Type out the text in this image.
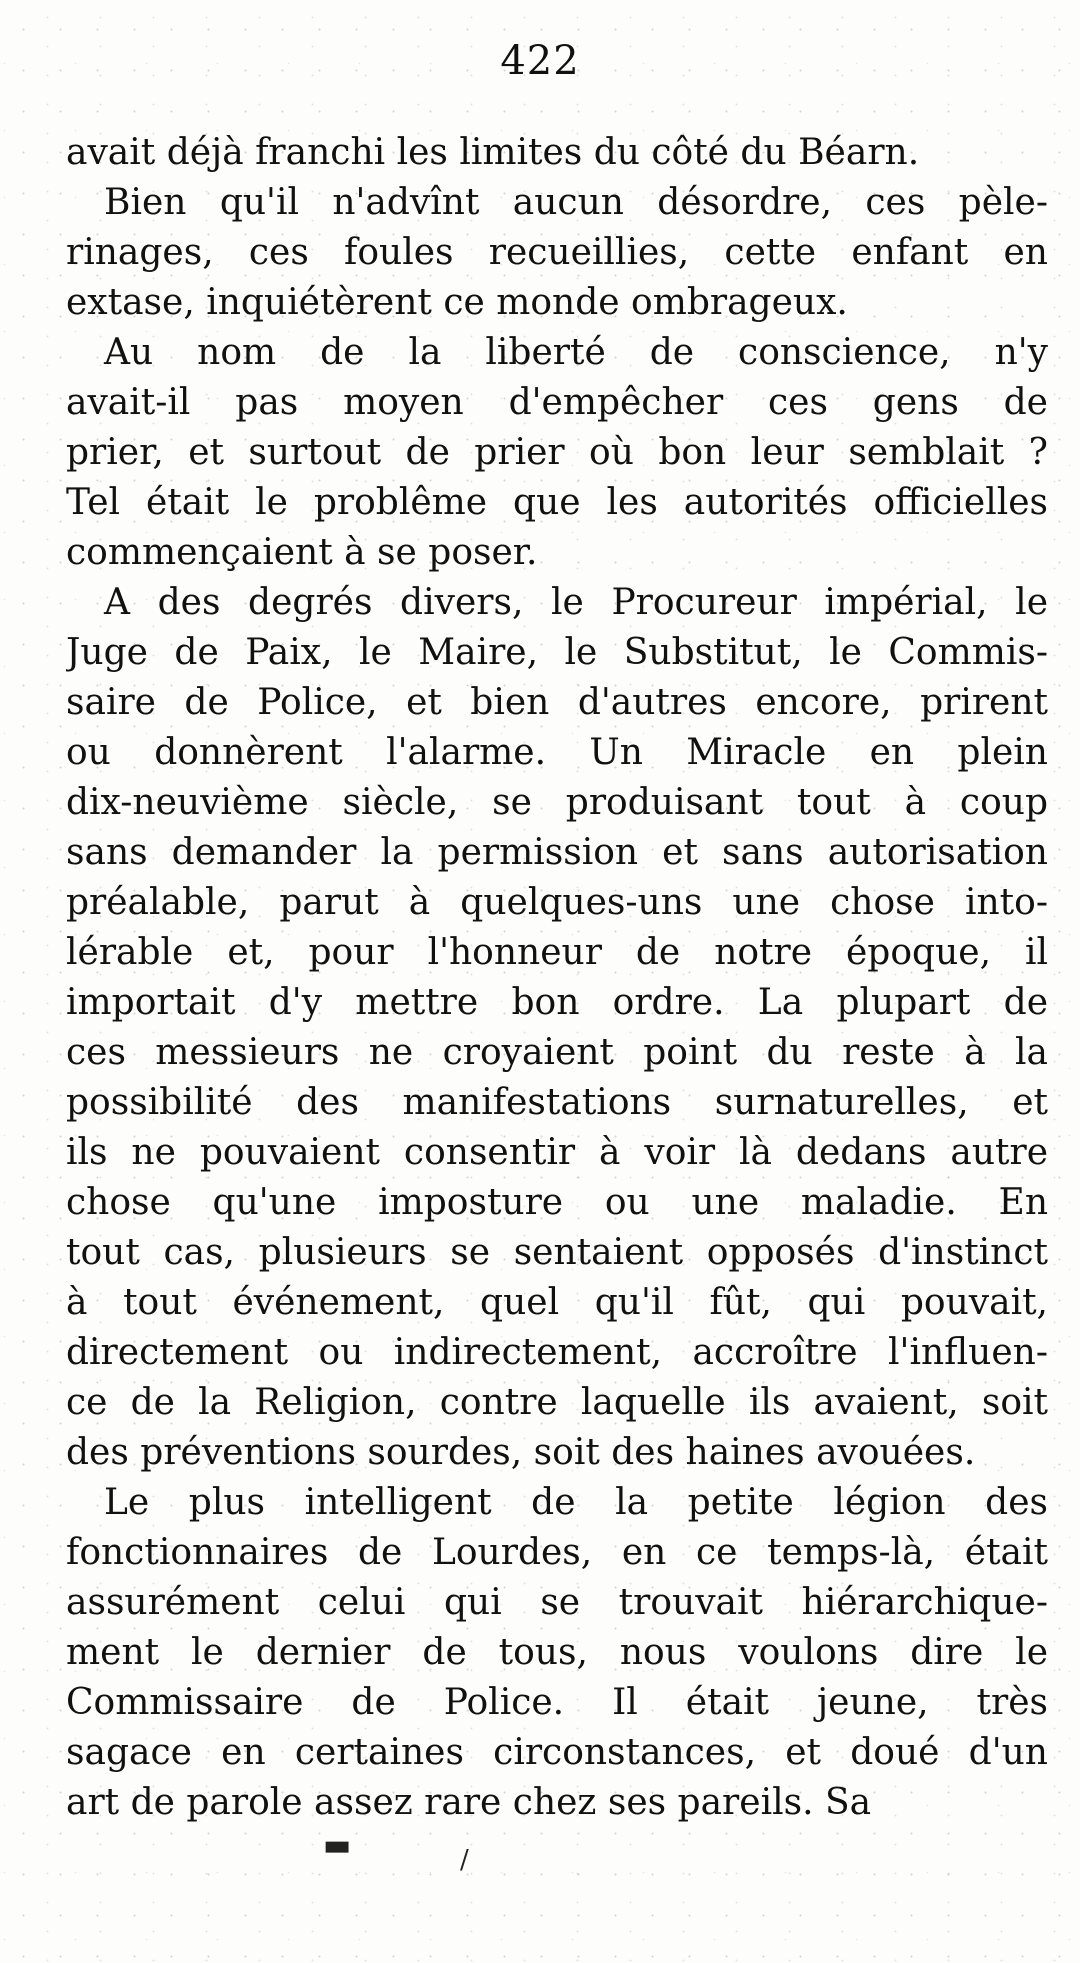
422
avait déjà franchi les limites du côté du Béarn.
Bien qu'il n'advînt aucun désordre, ces pèle-
rinages, ces foules recueillies, cette enfant en
extase, inquiétèrent ce monde ombrageux.
Au nom de la liberté de conscience, n'y
avait-il pas moyen d'empêcher ces gens de
prier, et surtout de prier où bon leur semblait ?
Tel était le problême que les autorités officielles
commençaient à se poser.
A des degrés divers, le Procureur impérial, le
Juge de Paix, le Maire, le Substitut, le Commis-
saire de Police, et bien d'autres encore, prirent
ou donnèrent l'alarme. Un Miracle en plein
dix-neuvième siècle, se produisant tout à coup
sans demander la permission et sans autorisation
préalable, parut à quelques-uns une chose into-
lérable et, pour l'honneur de notre époque, il
importait d'y mettre bon ordre. La plupart de
ces messieurs ne croyaient point du reste à la
possibilité des manifestations surnaturelles, et
ils ne pouvaient consentir à voir là dedans autre
chose qu'une imposture ou une maladie. En
tout cas, plusieurs se sentaient opposés d'instinct
à tout événement, quel qu'il fût, qui pouvait,
directement ou indirectement, accroître l'influen-
ce de la Religion, contre laquelle ils avaient, soit
des préventions sourdes, soit des haines avouées.
Le plus intelligent de la petite légion des
fonctionnaires de Lourdes, en ce temps-là, était
assurément celui qui se trouvait hiérarchique-
ment le dernier de tous, nous voulons dire le
Commissaire de Police. Il était jeune, très
sagace en certaines circonstances, et doué d'un
art de parole assez rare chez ses pareils. Sa
▬	/
